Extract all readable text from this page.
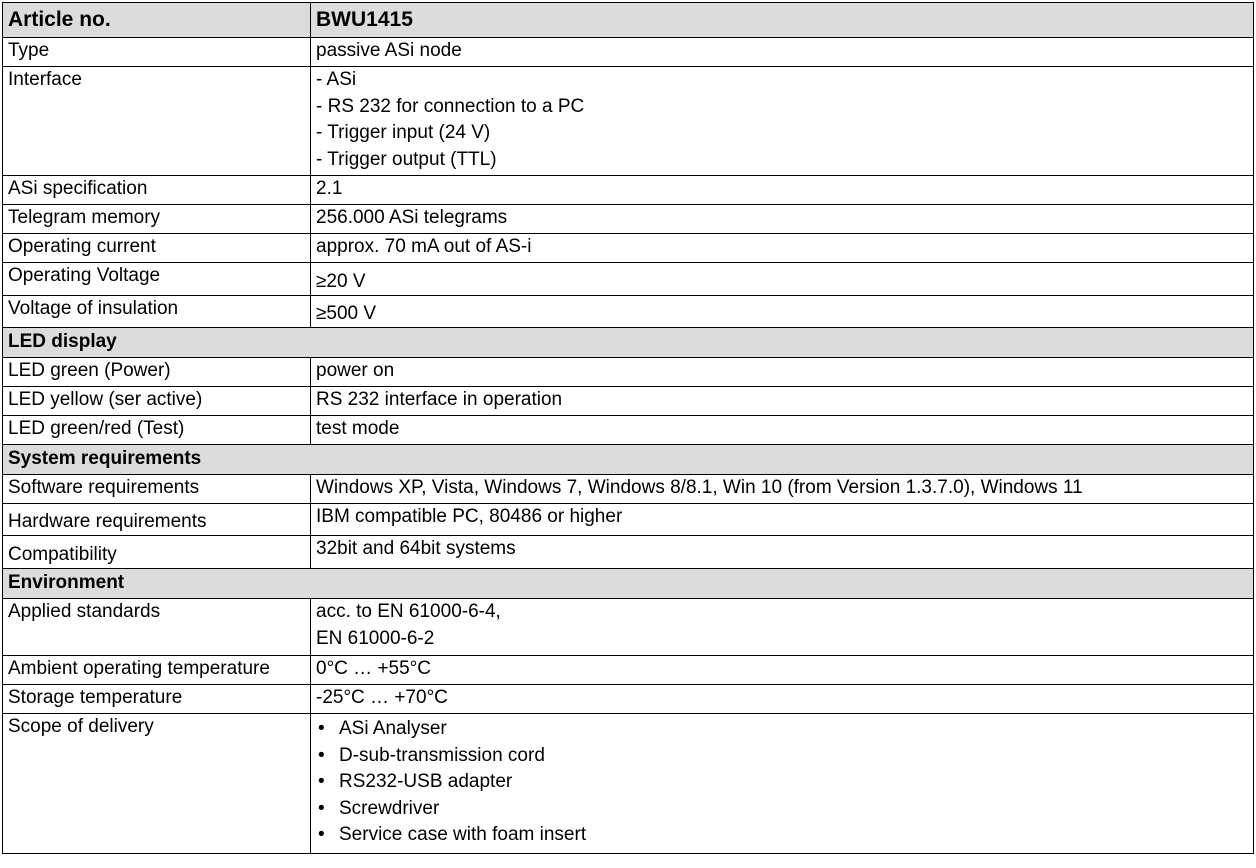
Article no.	BWU1415
Type	passive ASi node

Interface	- ASi
- RS 232 for connection to a PC
- Trigger input (24 V)
- Trigger output (TTL)

ASi specification	2.1

Telegram memory	256.000 ASi telegrams

Operating current	approx. 70 mA out of AS-i

Operating Voltage	≥20 V

Voltage of insulation	≥500 V

LED display	
LED green (Power)	power on
LED yellow (ser active)	RS 232 interface in operation
LED green/red (Test)	test mode
System requirements	
Software requirements	Windows XP, Vista, Windows 7, Windows 8/8.1, Win 10 (from Version 1.3.7.0), Windows 11
Hardware requirements	IBM compatible PC, 80486 or higher
Compatibility	32bit and 64bit systems
Environment	
Applied standards	acc. to EN 61000-6-4,
EN 61000-6-2

Ambient operating temperature	0°C … +55°C

Storage temperature	-25°C … +70°C

Scope of delivery	• ASi Analyser
• D-sub-transmission cord
• RS232-USB adapter
• Screwdriver
• Service case with foam insert
